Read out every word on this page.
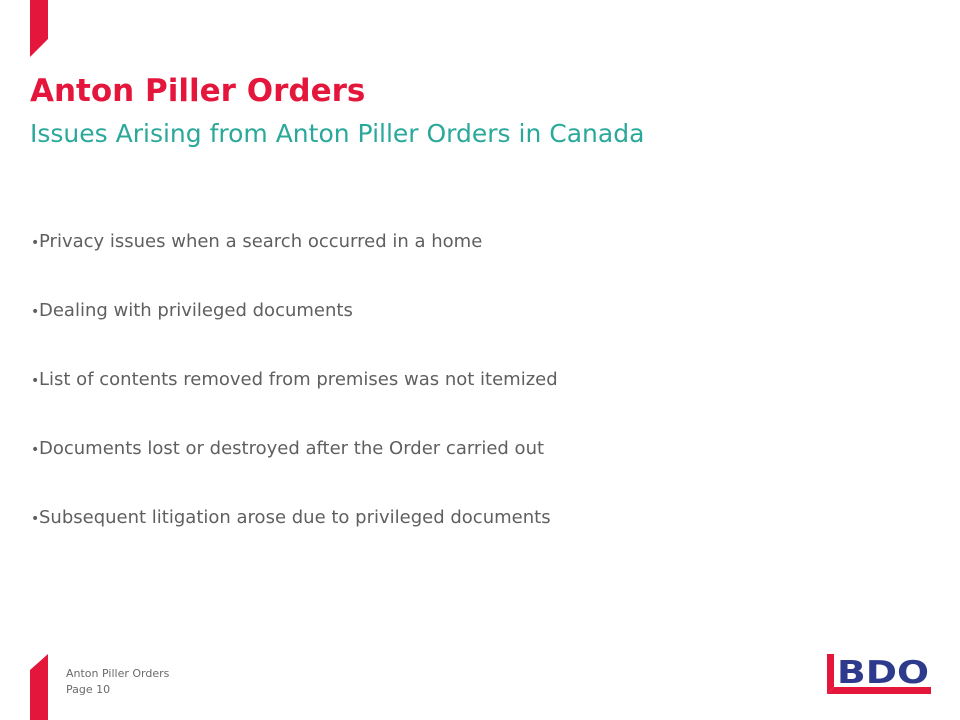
Anton Piller Orders
Issues Arising from Anton Piller Orders in Canada
•Privacy issues when a search occurred in a home
•Dealing with privileged documents
•List of contents removed from premises was not itemized
•Documents lost or destroyed after the Order carried out
•Subsequent litigation arose due to privileged documents
Anton Piller Orders
Page 10	BDO
